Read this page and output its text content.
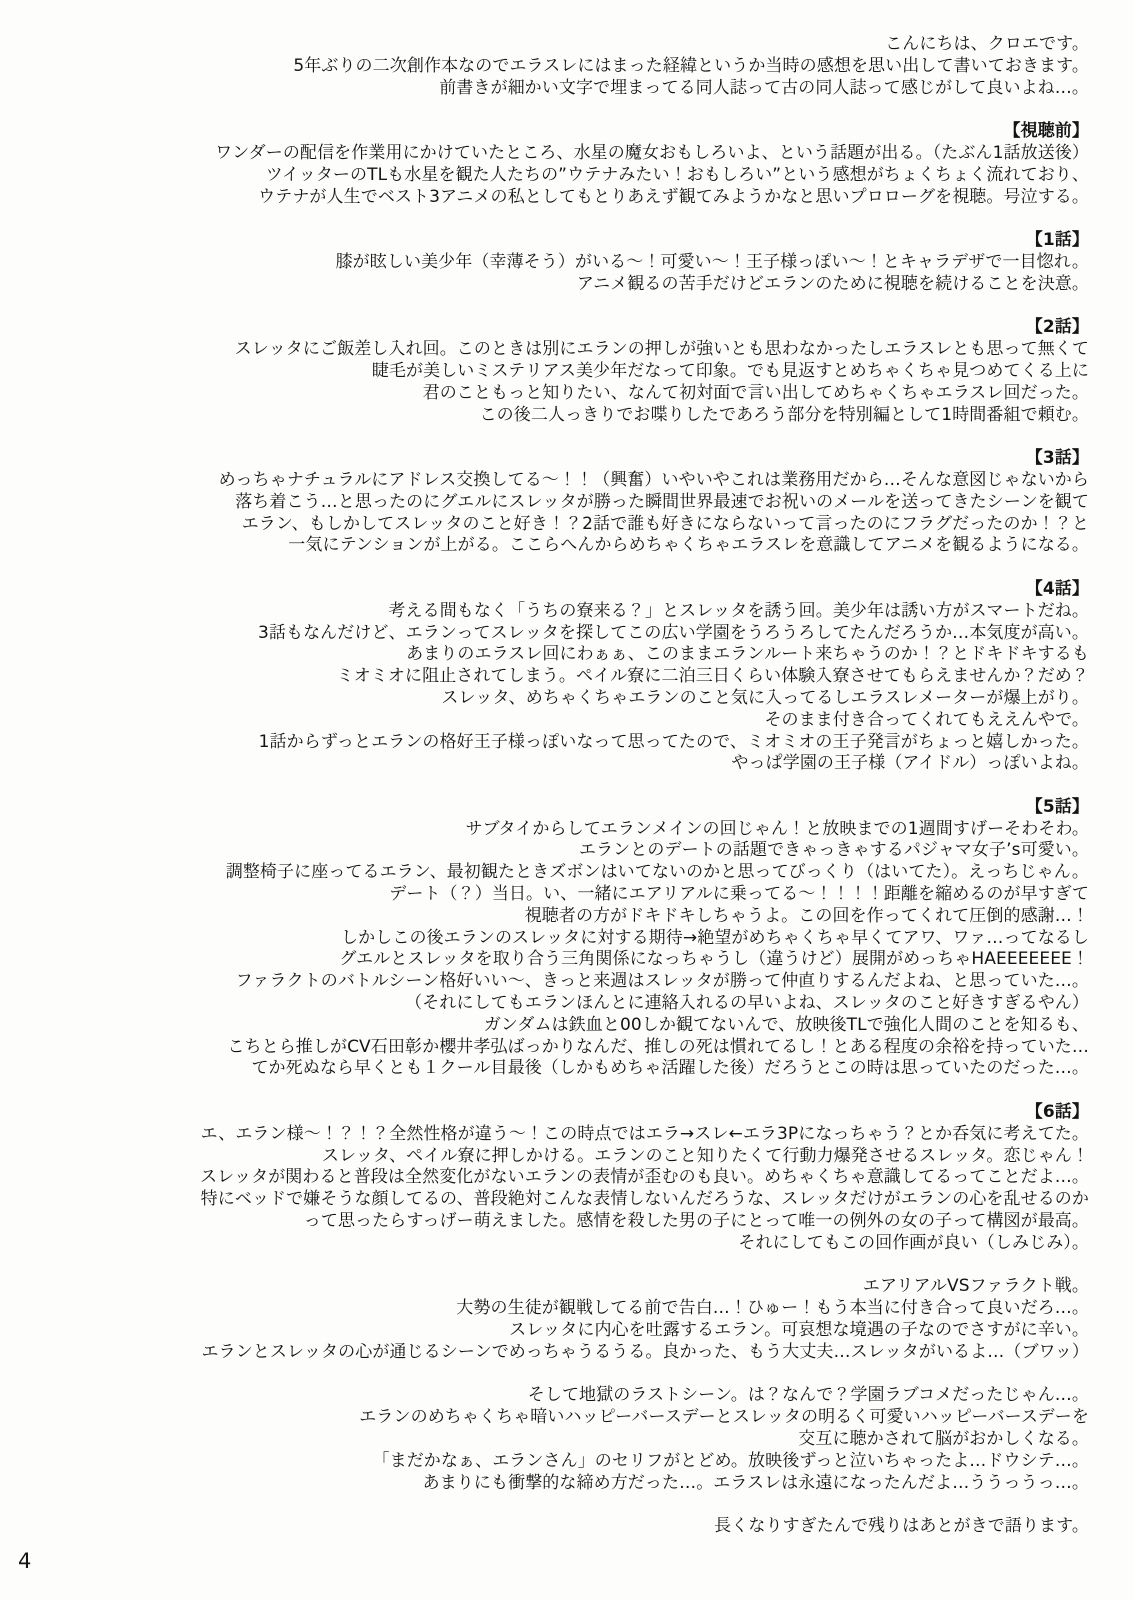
こんにちは、クロエです。

5年ぶりの二次創作本なのでエラスレにはまった経緯というか当時の感想を思い出して書いておきます。

前書きが細かい文字で埋まってる同人誌って古の同人誌って感じがして良いよね…。

【視聴前】

ワンダーの配信を作業用にかけていたところ、水星の魔女おもしろいよ、という話題が出る。（たぶん1話放送後）

ツイッターのTLも水星を観た人たちの”ウテナみたい！おもしろい”という感想がちょくちょく流れており、

ウテナが人生でベスト3アニメの私としてもとりあえず観てみようかなと思いプロローグを視聴。号泣する。

【1話】

膝が眩しい美少年（幸薄そう）がいる〜！可愛い〜！王子様っぽい〜！とキャラデザで一目惚れ。

アニメ観るの苦手だけどエランのために視聴を続けることを決意。

【2話】

スレッタにご飯差し入れ回。このときは別にエランの押しが強いとも思わなかったしエラスレとも思って無くて

睫毛が美しいミステリアス美少年だなって印象。でも見返すとめちゃくちゃ見つめてくる上に

君のこともっと知りたい、なんて初対面で言い出してめちゃくちゃエラスレ回だった。

この後二人っきりでお喋りしたであろう部分を特別編として1時間番組で頼む。

【3話】

めっちゃナチュラルにアドレス交換してる〜！！（興奮）いやいやこれは業務用だから…そんな意図じゃないから

落ち着こう…と思ったのにグエルにスレッタが勝った瞬間世界最速でお祝いのメールを送ってきたシーンを観て

エラン、もしかしてスレッタのこと好き！？2話で誰も好きにならないって言ったのにフラグだったのか！？と

一気にテンションが上がる。ここらへんからめちゃくちゃエラスレを意識してアニメを観るようになる。

【4話】

考える間もなく「うちの寮来る？」とスレッタを誘う回。美少年は誘い方がスマートだね。

3話もなんだけど、エランってスレッタを探してこの広い学園をうろうろしてたんだろうか…本気度が高い。

あまりのエラスレ回にわぁぁ、このままエランルート来ちゃうのか！？とドキドキするも

ミオミオに阻止されてしまう。ペイル寮に二泊三日くらい体験入寮させてもらえませんか？だめ？

スレッタ、めちゃくちゃエランのこと気に入ってるしエラスレメーターが爆上がり。

そのまま付き合ってくれてもええんやで。

1話からずっとエランの格好王子様っぽいなって思ってたので、ミオミオの王子発言がちょっと嬉しかった。

やっぱ学園の王子様（アイドル）っぽいよね。

【5話】

サブタイからしてエランメインの回じゃん！と放映までの1週間すげーそわそわ。

エランとのデートの話題できゃっきゃするパジャマ女子’s可愛い。

調整椅子に座ってるエラン、最初観たときズボンはいてないのかと思ってびっくり（はいてた）。えっちじゃん。

デート（？）当日。い、一緒にエアリアルに乗ってる〜！！！！距離を縮めるのが早すぎて

視聴者の方がドキドキしちゃうよ。この回を作ってくれて圧倒的感謝…！

しかしこの後エランのスレッタに対する期待→絶望がめちゃくちゃ早くてアワ、ワァ…ってなるし

グエルとスレッタを取り合う三角関係になっちゃうし（違うけど）展開がめっちゃHAEEEEEEE！

ファラクトのバトルシーン格好いい〜、きっと来週はスレッタが勝って仲直りするんだよね、と思っていた…。

（それにしてもエランほんとに連絡入れるの早いよね、スレッタのこと好きすぎるやん）

ガンダムは鉄血と00しか観てないんで、放映後TLで強化人間のことを知るも、

こちとら推しがCV石田彰か櫻井孝弘ばっかりなんだ、推しの死は慣れてるし！とある程度の余裕を持っていた…

てか死ぬなら早くとも１クール目最後（しかもめちゃ活躍した後）だろうとこの時は思っていたのだった…。

【6話】

エ、エラン様〜！？！？全然性格が違う〜！この時点ではエラ→スレ←エラ3Pになっちゃう？とか呑気に考えてた。

スレッタ、ペイル寮に押しかける。エランのこと知りたくて行動力爆発させるスレッタ。恋じゃん！

スレッタが関わると普段は全然変化がないエランの表情が歪むのも良い。めちゃくちゃ意識してるってことだよ…。

特にベッドで嫌そうな顔してるの、普段絶対こんな表情しないんだろうな、スレッタだけがエランの心を乱せるのか

って思ったらすっげー萌えました。感情を殺した男の子にとって唯一の例外の女の子って構図が最高。

それにしてもこの回作画が良い（しみじみ）。

エアリアルVSファラクト戦。

大勢の生徒が観戦してる前で告白…！ひゅー！もう本当に付き合って良いだろ…。

スレッタに内心を吐露するエラン。可哀想な境遇の子なのでさすがに辛い。

エランとスレッタの心が通じるシーンでめっちゃうるうる。良かった、もう大丈夫…スレッタがいるよ…（ブワッ）

そして地獄のラストシーン。は？なんで？学園ラブコメだったじゃん…。

エランのめちゃくちゃ暗いハッピーバースデーとスレッタの明るく可愛いハッピーバースデーを

交互に聴かされて脳がおかしくなる。

「まだかなぁ、エランさん」のセリフがとどめ。放映後ずっと泣いちゃったよ…ドウシテ…。

あまりにも衝撃的な締め方だった…。エラスレは永遠になったんだよ…ううっうっ…。

長くなりすぎたんで残りはあとがきで語ります。

4
